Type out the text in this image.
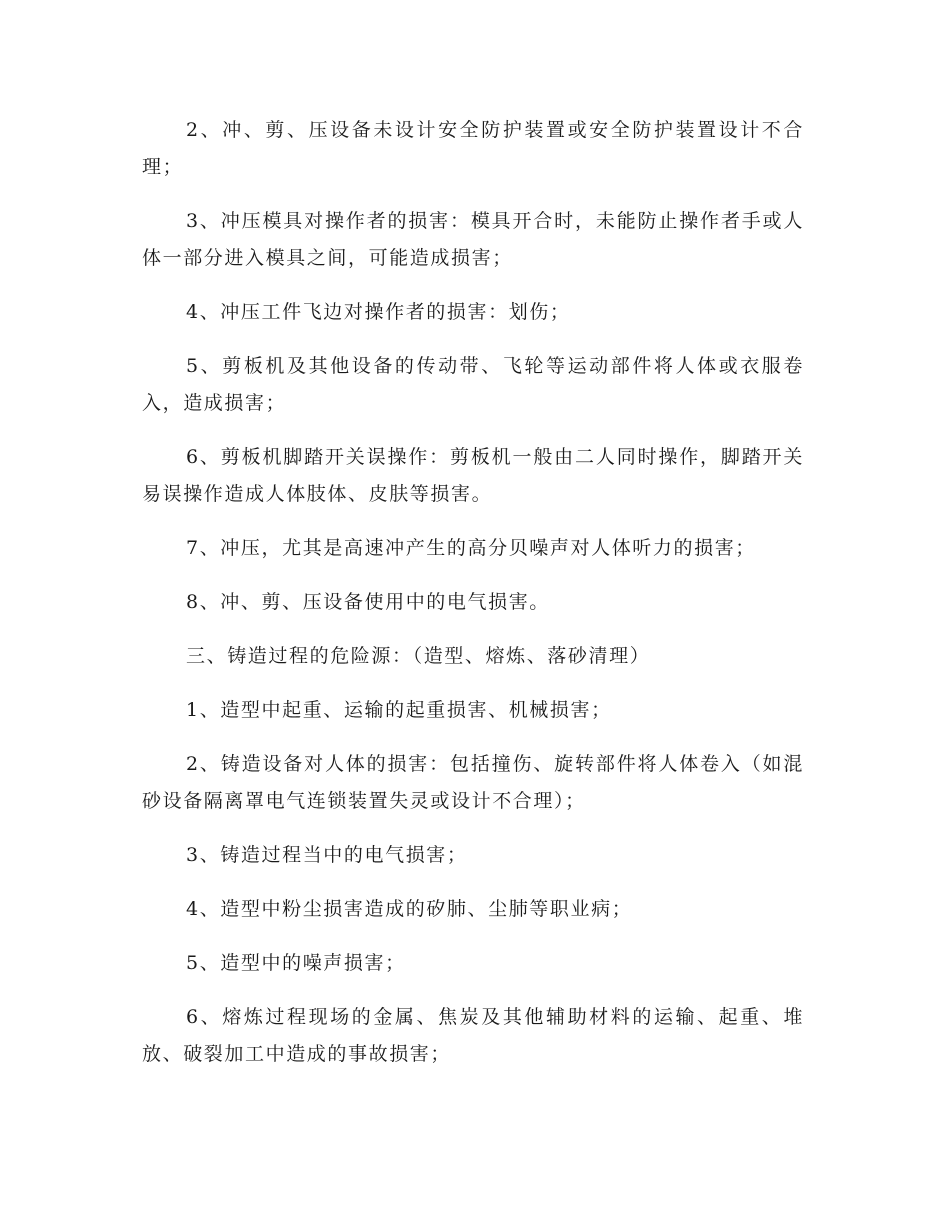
2、冲、剪、压设备未设计安全防护装置或安全防护装置设计不合理；

3、冲压模具对操作者的损害：模具开合时，未能防止操作者手或人体一部分进入模具之间，可能造成损害；

4、冲压工件飞边对操作者的损害：划伤；

5、剪板机及其他设备的传动带、飞轮等运动部件将人体或衣服卷入，造成损害；

6、剪板机脚踏开关误操作：剪板机一般由二人同时操作，脚踏开关易误操作造成人体肢体、皮肤等损害。

7、冲压，尤其是高速冲产生的高分贝噪声对人体听力的损害；

8、冲、剪、压设备使用中的电气损害。

三、铸造过程的危险源：（造型、熔炼、落砂清理）

1、造型中起重、运输的起重损害、机械损害；

2、铸造设备对人体的损害：包括撞伤、旋转部件将人体卷入（如混砂设备隔离罩电气连锁装置失灵或设计不合理）；

3、铸造过程当中的电气损害；

4、造型中粉尘损害造成的矽肺、尘肺等职业病；

5、造型中的噪声损害；

6、熔炼过程现场的金属、焦炭及其他辅助材料的运输、起重、堆放、破裂加工中造成的事故损害；
